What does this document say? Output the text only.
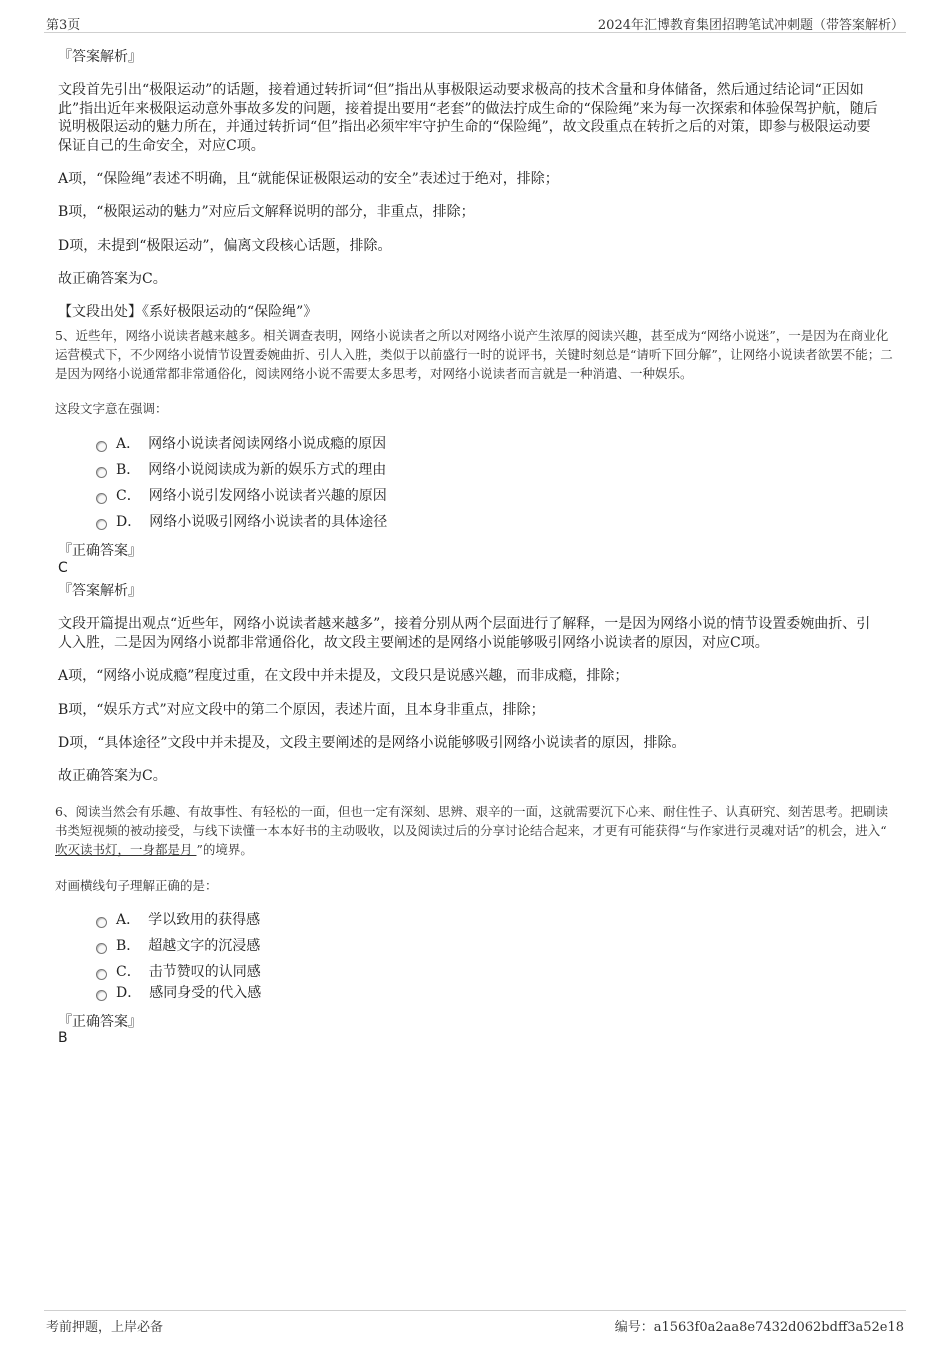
第3页	2024年汇博教育集团招聘笔试冲刺题（带答案解析）
『答案解析』
文段首先引出“极限运动”的话题，接着通过转折词“但”指出从事极限运动要求极高的技术含量和身体储备，然后通过结论词“正因如此”指出近年来极限运动意外事故多发的问题，接着提出要用“老套”的做法拧成生命的“保险绳”来为每一次探索和体验保驾护航，随后说明极限运动的魅力所在，并通过转折词“但”指出必须牢牢守护生命的“保险绳”，故文段重点在转折之后的对策，即参与极限运动要保证自己的生命安全，对应C项。
A项，“保险绳”表述不明确，且“就能保证极限运动的安全”表述过于绝对，排除；
B项，“极限运动的魅力”对应后文解释说明的部分，非重点，排除；
D项，未提到“极限运动”，偏离文段核心话题，排除。
故正确答案为C。
【文段出处】《系好极限运动的“保险绳”》
5、近些年，网络小说读者越来越多。相关调查表明，网络小说读者之所以对网络小说产生浓厚的阅读兴趣，甚至成为“网络小说迷”，一是因为在商业化运营模式下，不少网络小说情节设置委婉曲折、引人入胜，类似于以前盛行一时的说评书，关键时刻总是“请听下回分解”，让网络小说读者欲罢不能；二是因为网络小说通常都非常通俗化，阅读网络小说不需要太多思考，对网络小说读者而言就是一种消遣、一种娱乐。
这段文字意在强调：
A． 网络小说读者阅读网络小说成瘾的原因
B． 网络小说阅读成为新的娱乐方式的理由
C． 网络小说引发网络小说读者兴趣的原因
D． 网络小说吸引网络小说读者的具体途径
『正确答案』
C
『答案解析』
文段开篇提出观点“近些年，网络小说读者越来越多”，接着分别从两个层面进行了解释，一是因为网络小说的情节设置委婉曲折、引人入胜，二是因为网络小说都非常通俗化，故文段主要阐述的是网络小说能够吸引网络小说读者的原因，对应C项。
A项，“网络小说成瘾”程度过重，在文段中并未提及，文段只是说感兴趣，而非成瘾，排除；
B项，“娱乐方式”对应文段中的第二个原因，表述片面，且本身非重点，排除；
D项，“具体途径”文段中并未提及，文段主要阐述的是网络小说能够吸引网络小说读者的原因，排除。
故正确答案为C。
6、阅读当然会有乐趣、有故事性、有轻松的一面，但也一定有深刻、思辨、艰辛的一面，这就需要沉下心来、耐住性子、认真研究、刻苦思考。把刷读书类短视频的被动接受，与线下读懂一本本好书的主动吸收，以及阅读过后的分享讨论结合起来，才更有可能获得“与作家进行灵魂对话”的机会，进入“ 吹灭读书灯，一身都是月 ”的境界。
对画横线句子理解正确的是：
A． 学以致用的获得感
B． 超越文字的沉浸感
C． 击节赞叹的认同感
D． 感同身受的代入感
『正确答案』
B
考前押题，上岸必备	编号：a1563f0a2aa8e7432d062bdff3a52e18
